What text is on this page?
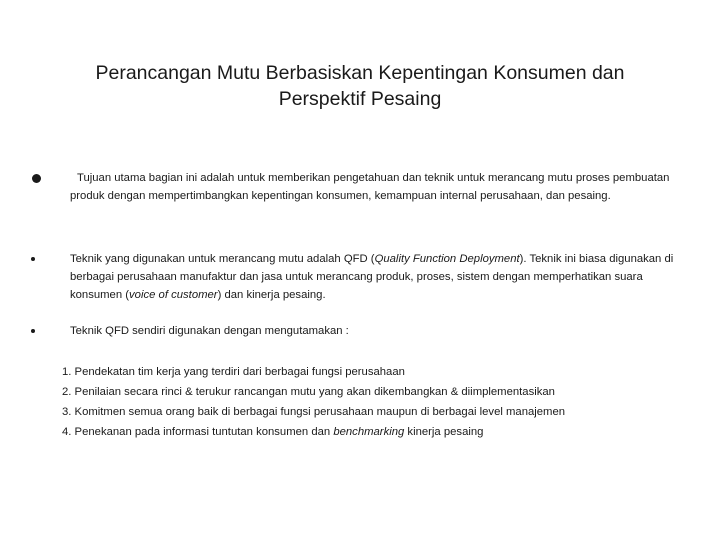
Perancangan Mutu Berbasiskan Kepentingan Konsumen dan
Perspektif Pesaing
Tujuan utama bagian ini adalah untuk memberikan pengetahuan dan teknik untuk merancang mutu proses pembuatan produk dengan mempertimbangkan kepentingan konsumen, kemampuan internal perusahaan, dan pesaing.
Teknik yang digunakan untuk merancang mutu adalah QFD (Quality Function Deployment). Teknik ini biasa digunakan di berbagai perusahaan manufaktur dan jasa untuk merancang produk, proses, sistem dengan memperhatikan suara konsumen (voice of customer) dan kinerja pesaing.
Teknik QFD sendiri digunakan dengan mengutamakan :
1. Pendekatan tim kerja yang terdiri dari berbagai fungsi perusahaan
2. Penilaian secara rinci & terukur rancangan mutu yang akan dikembangkan & diimplementasikan
3. Komitmen semua orang baik di berbagai fungsi perusahaan maupun di berbagai level manajemen
4. Penekanan pada informasi tuntutan konsumen dan benchmarking kinerja pesaing
